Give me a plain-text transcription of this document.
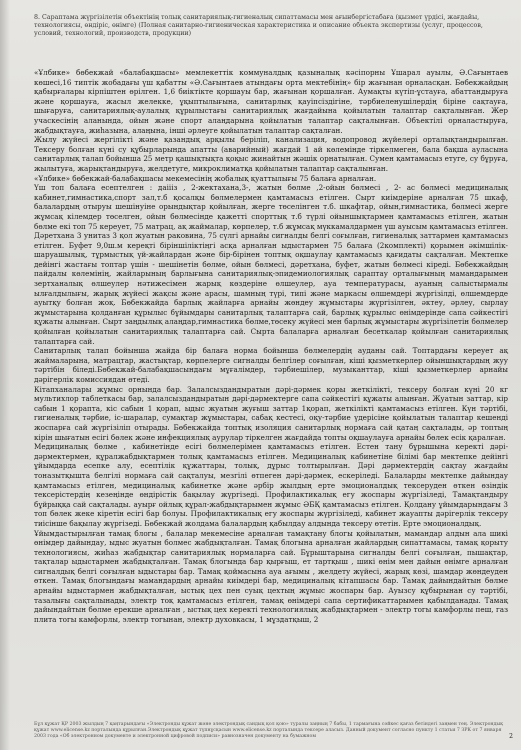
8. Сараптама жүргізілетін объектінің толық санитариялық-гигиеналық сипаттамасы мен ағынбергістабаға (қызмет үрдісі, жағдайы, технологиясы, өндіріс, өнімге) (Полная санитарно-гигиеническая характеристика и описание объекта экспертизы (услуг, процессов, условий, технологий, производств, продукции)
«Ұлбике» бөбекжай «балабақшасы» мемлекеттік коммуналдық қазыналық кәсіпорны Ұшарал ауылы, Ә.Сағынтаев көшесі,16 типтік жобадағы үш қабатты «Ә.Сағынтаев атындағы орта мектебінің» бір жағынан орналасқан. Бөбекжайдың қабырғалары кірпіштен өрілген. 1,6 биіктікте қоршауы бар, жағынан қоршалған. Аумақты күтіп-ұстауға, абаттандыруға және қоршауға, жасыл желекке, ұқыптылығына, санитарлық қауіпсіздігіне, тәрбиеленушілердің біріне сақтауға, шығаруға, санитариялық-аулалық құрылыстағы санитариялық жағдайына қойылатын талаптар сақталынған. Жер учаскесінің аланында, ойын және спорт алаңдарына қойылатын талаптар сақталынған. Объектілі орналастыруға, жабдықтауға, жиһазына, алаңына, інші әрлеуге қойылатын талаптар сақталған.
Жылу жүйесі жергілікті және қазандық арқылы беріліп, канализация, водопровод жүйелері орталықтандырылған. Тексеру болған күні су құбырларында апатты (аварийный) жағдай 1 ай көлемінде тіркелмеген, бала бақша ауласына санитарлық талап бойынша 25 метр қашықтықта қоқыс жинайтын жәшік орнатылған. Сумен қамтамасыз етуге, су бұруға, жылытуға, жарықтандыруға, желдетуге, микроклиматқа қойылатын талаптар сақталынған.
«Ұлбике» бөбекжай-балабақшасы мекемесінің жобалық қуаттылығы 75 балаға арналған.
Үш топ балаға есептелген : даіііз , 2-жектахана,3-, жатын бөлме ,2-ойын бөлмесі , 2- ас бөлмесі медициналық кабинет,гимнастика,спорт зал,т.б қосалқы бөлмелермен қамтамасыз етілген. Сырт киімдеріне арналған 75 шкаф, балалардың отыруы шешінуіне орындықтар қойылған, жерге төселінген т.б. шкафтар, ойын,гимнастика, бөлмесі жерге жұмсақ кілемдер төселген, ойын бөлмесінде қажетті спорттық т.б түрлі ойыншықтармен қамтамасыз етілген, жатын бөлме екі топ 75 кереует, 75 матрац, ақ жаймалар, көрпелер, т.б жұмсақ мүккамалдармен үш ауысым қамтамасыз етілген. Дәретхана 3 унитаз 3 қол жуатын раковина, 75 сүлгі арнайы сигналды белгі соғылған, гигиеналық заттармен қамтамасыз етілген. Буфет 9,0ш.м кереқті біріншіліктіңгі асқа арналған ыдыстармен 75 балаға (2комплекті) қорымен әкімшілік-шаруашылық, тұрмыстық үй-жайлардан және бір-бірінен топтық оқшаулау қамтамасыз қағидаты сақталған. Мектепке дейінгі жастағы топтар үшін - шешінетін бөлме, ойын бөлмесі, дәретхана, буфет, жатын бөлмесі кіреді. Бөбекжайдың пайдалы көлемінің, жайларының барлығына санитариялық-эпидемиологиялық сараптау орталығының мамандарымен зертханалық өлшеулер нәтижесімен жарық көздеріне өлшеулер, ауа температурасы, ауаның салыстырмалы ылғалдылығы, жарық жүйесі жақсы және арасы, шамның түрі, типі және маркасы өлшемдері жүргізілді, өлшемдерде ауытқу болған жоқ. Бөбекжайда барлық жайларға арнайы жөндеу жұмыстары жүргізілген, әктеу, әрлеу, сырлау жұмыстарына қолданған құрылыс бұйымдары санитарлық талаптарға сай, барлық құрылыс өнімдерінде сапа сәйкестігі құжаты алынған. Сырт заңдылық алаңдар,гимнастика бөлме,төсеку жүйесі мен барлық жұмыстары жүргізілетін бөлмелер қойылған қойылатын санитариялық талаптарға сай. Сырта балаларға арналған бесеткалар қойылған санитариялық талаптарға сай.
Санитарлық талап бойынша жайда бір балаға норма бойынша бөлмелердің ауданы сай. Топтардағы кереует ақ жаймаларына, матрацтар, жастықтар, көрпелерге сигналды белгілер соғылған, кіші қызметкерлер ойыншықтардың жуу тәртібін біледі.Бөбекжай-балабақшасындағы мұғалімдер, тәрбиешілер, музыканттар, кіші қызметкерлер арнайы дәрігерлік комиссиядан өтеді.
Кітапханалары жұмыс орнында бар. Залалсыздандыратын дәрі-дәрмек қоры жеткілікті, тексеру болған күні 20 кг мультихлор таблеткасы бар, залалсыздандыратын дәрі-дәрмектерге сапа сәйкестігі құжаты алынған. Жуатын заттар, кір сабын 1 қорапта, кіс сабын 1 қорап, ыдыс жуатын жуғыш заттар 1қорап, жеткілікті қамтамасыз етілген. Күн тәртібі, гигиеналық тәрбие, іс-шаралар, сумақтар жұмыстары, сабақ кестесі, оқу-тәрбие үдерісіне қойылатын талаптар кешенді жоспарға сай жүргізіліп отырады. Бөбекжайда топтық изоляция санитарлық нормаға сай қатаң сақталады, әр топтың кірін шығатын есігі бөлек және инфекциялық аурулар тіркелген жағдайда топты оқшаулауға арнайы бөлек есік қаралған.
Медициналық бөлме , кабинетінде есігі бөлмелерімен қамтамасыз етілген. Естен тану бұрышына керекті дәрі-дәрмектермен, құралжабдықтармен толық қамтамасыз етілген. Медициналық кабинетіне білімі бар мектепке дейінгі ұйымдарда есепке алу, есептілік құжаттары, толық, дұрыс толтырылған. Дәрі дәрмектердің сақтау жағдайы тоназытқышта белгілі нормаға сай сақталуы, мезгілі өтпеген дәрі-дәрмек, ескеріледі. Балаларды мектепке дайындау қамтамасыз етілген, медициналық кабинетке және әрбір жылдың ерте эмоционалдық тексеруден өткен өзіндік тексерістердің кезеңінде өндірістік бақылау жүргізеді. Профилактикалық егу жоспары жүргізіледі, Тамақтандыру бұйрыққа сай сақталады. ауырғ ойлық құрал-жабдықтарымен жұмыс ӘБҚ қамтамасыз етілген. Қолдану ұйымдарындағы 3 топ бөлек жеке кіретін есігі бар болуы. Профилактикалық егу жоспары жүргізіледі, кабинет жауапты дәрігерлік тексеру тиісінше бақылау жүргізеді. Бөбекжай жолдама балалардың қабылдау алдында тексеру өтетін. Ерте эмоционалдық.
Ұйымдастырылған тамақ блогы , балалар мекемесіне арналған тамақтану блогы қойылатын, мамандар алдын ала шикі өнімдер дайындау, ыдыс жуатын болмес жабдықталған. Тамақ блогына арналған жайлардың сипаттамасы, тамақ қорыту технологиясы, жиһаз жабдықтар санитариялық нормаларға сай. Бұрыштарына сигналды белгі соғылған, пышақтар, тақталар ыдыстармен жабдықталған. Тамақ блогында бар қырғыш, ет тартқыш , шикі өнім мен дайын өнімге арналған сигналдық белгі соғылған ыдыстары бар. Тамақ қоймасына ауа ағымы , желдету жүйесі, жарық көзі, шамдар жөндеуден өткен. Тамақ блогындағы мамандардың арнайы киімдері бар, медициналық кітапшасы бар. Тамақ дайындайтын бөлме арнайы ыдыстармен жабдықталған, ыстық цех пен суық цехтың жұмыс жоспары бар. Ауызсу құбырынан су тәртібі, тазалығы сақталынады, электр тоқ қамтамасыз етілген, тамақ өнімдері сапа сертификаттарымен қабылданады. Тамақ дайындайтын бөлме ерекше арналған , ыстық цех керекті технологиялық жабдықтармен - электр тогы камфорлы пеш, газ плита тогы камфорлы, электр тогынан, электр духовкасы, 1 мұздатқыш, 2
Бұл құжат ҚР 2003 жылдың 7 қаңтарындағы «Электронды құжат және электрондық сандық қол қою» туралы заңның 7 бабы, 1 тармағына сәйкес қағаз бетіндегі заңмен тең. Электрондық құжат www.elicense.kz порталында құрылған.Электрондық құжат түпнұсқасын www.elicense.kz порталында тексере аласыз. Данный документ согласно пункту 1 статьи 7 ЗРК от 7 января 2003 года «Об электронном документе и электронной цифровой подписи» равнозначен документу на бумажном	2
